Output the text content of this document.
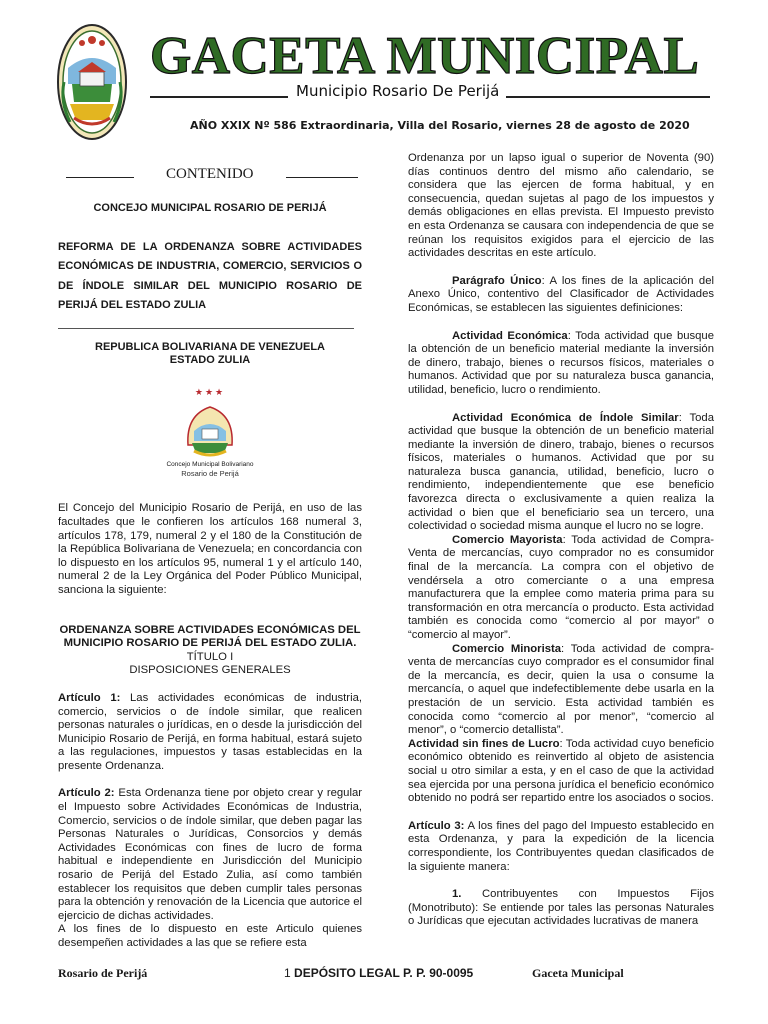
GACETA MUNICIPAL
Municipio Rosario De Perijá
AÑO XXIX Nº 586 Extraordinaria, Villa del Rosario, viernes 28 de agosto de 2020
CONTENIDO

CONCEJO MUNICIPAL ROSARIO DE PERIJÁ

REFORMA DE LA ORDENANZA SOBRE ACTIVIDADES ECONÓMICAS DE INDUSTRIA, COMERCIO, SERVICIOS O DE ÍNDOLE SIMILAR DEL MUNICIPIO ROSARIO DE PERIJÁ DEL ESTADO ZULIA

REPUBLICA BOLIVARIANA DE VENEZUELA

ESTADO ZULIA

★★★
Concejo Municipal Bolivariano
Rosario de Perijá

El Concejo del Municipio Rosario de Perijá, en uso de las facultades que le confieren los artículos 168 numeral 3, artículos 178, 179, numeral 2 y el 180 de la Constitución de la República Bolivariana de Venezuela; en concordancia con lo dispuesto en los artículos 95, numeral 1 y el artículo 140, numeral 2 de la Ley Orgánica del Poder Público Municipal, sanciona la siguiente:

ORDENANZA SOBRE ACTIVIDADES ECONÓMICAS DEL MUNICIPIO ROSARIO DE PERIJÁ DEL ESTADO ZULIA.

TÍTULO I

DISPOSICIONES GENERALES

Artículo 1: Las actividades económicas de industria, comercio, servicios o de índole similar, que realicen personas naturales o jurídicas, en o desde la jurisdicción del Municipio Rosario de Perijá, en forma habitual, estará sujeto a las regulaciones, impuestos y tasas establecidas en la presente Ordenanza.

Artículo 2: Esta Ordenanza tiene por objeto crear y regular el Impuesto sobre Actividades Económicas de Industria, Comercio, servicios o de índole similar, que deben pagar las Personas Naturales o Jurídicas, Consorcios y demás Actividades Económicas con fines de lucro de forma habitual e independiente en Jurisdicción del Municipio rosario de Perijá del Estado Zulia, así como también establecer los requisitos que deben cumplir tales personas para la obtención y renovación de la Licencia que autorice el ejercicio de dichas actividades.

A los fines de lo dispuesto en este Articulo quienes desempeñen actividades a las que se refiere esta

Ordenanza por un lapso igual o superior de Noventa (90) días continuos dentro del mismo año calendario, se considera que las ejercen de forma habitual, y en consecuencia, quedan sujetas al pago de los impuestos y demás obligaciones en ellas prevista. El Impuesto previsto en esta Ordenanza se causara con independencia de que se reúnan los requisitos exigidos para el ejercicio de las actividades descritas en este artículo.

Parágrafo Único: A los fines de la aplicación del Anexo Único, contentivo del Clasificador de Actividades Económicas, se establecen las siguientes definiciones:

Actividad Económica: Toda actividad que busque la obtención de un beneficio material mediante la inversión de dinero, trabajo, bienes o recursos físicos, materiales o humanos. Actividad que por su naturaleza busca ganancia, utilidad, beneficio, lucro o rendimiento.

Actividad Económica de Índole Similar: Toda actividad que busque la obtención de un beneficio material mediante la inversión de dinero, trabajo, bienes o recursos físicos, materiales o humanos. Actividad que por su naturaleza busca ganancia, utilidad, beneficio, lucro o rendimiento, independientemente que ese beneficio favorezca directa o exclusivamente a quien realiza la actividad o bien que el beneficiario sea un tercero, una colectividad o sociedad misma aunque el lucro no se logre.

Comercio Mayorista: Toda actividad de Compra-Venta de mercancías, cuyo comprador no es consumidor final de la mercancía. La compra con el objetivo de vendérsela a otro comerciante o a una empresa manufacturera que la emplee como materia prima para su transformación en otra mercancía o producto. Esta actividad también es conocida como “comercio al por mayor” o “comercio al mayor”.

Comercio Minorista: Toda actividad de compra-venta de mercancías cuyo comprador es el consumidor final de la mercancía, es decir, quien la usa o consume la mercancía, o aquel que indefectiblemente debe usarla en la prestación de un servicio. Esta actividad también es conocida como “comercio al por menor”, “comercio al menor”, o “comercio detallista”.

Actividad sin fines de Lucro: Toda actividad cuyo beneficio económico obtenido es reinvertido al objeto de asistencia social u otro similar a esta, y en el caso de que la actividad sea ejercida por una persona jurídica el beneficio económico obtenido no podrá ser repartido entre los asociados o socios.

Artículo 3: A los fines del pago del Impuesto establecido en esta Ordenanza, y para la expedición de la licencia correspondiente, los Contribuyentes quedan clasificados de la siguiente manera:

1. Contribuyentes con Impuestos Fijos (Monotributo): Se entiende por tales las personas Naturales o Jurídicas que ejecutan actividades lucrativas de manera

Rosario de Perijá	1 DEPÓSITO LEGAL P. P. 90-0095	Gaceta Municipal
